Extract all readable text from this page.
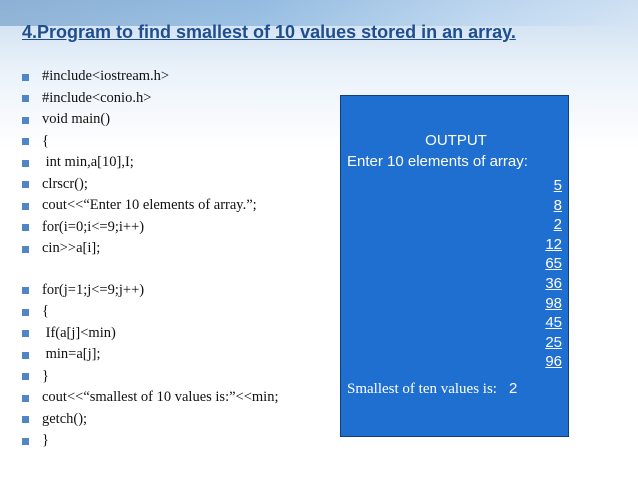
4.Program to find smallest of 10 values stored in an array.
#include<iostream.h>
#include<conio.h>
void main()
{
int min,a[10],I;
clrscr();
cout<<“Enter 10 elements of array.”;
for(i=0;i<=9;i++)
cin>>a[i];
for(j=1;j<=9;j++)
{
If(a[j]<min)
min=a[j];
}
cout<<“smallest of 10 values is:”<<min;
getch();
}
OUTPUT
Enter 10 elements of array:
5
8
2
12
65
36
98
45
25
96
Smallest of ten values is: 2
